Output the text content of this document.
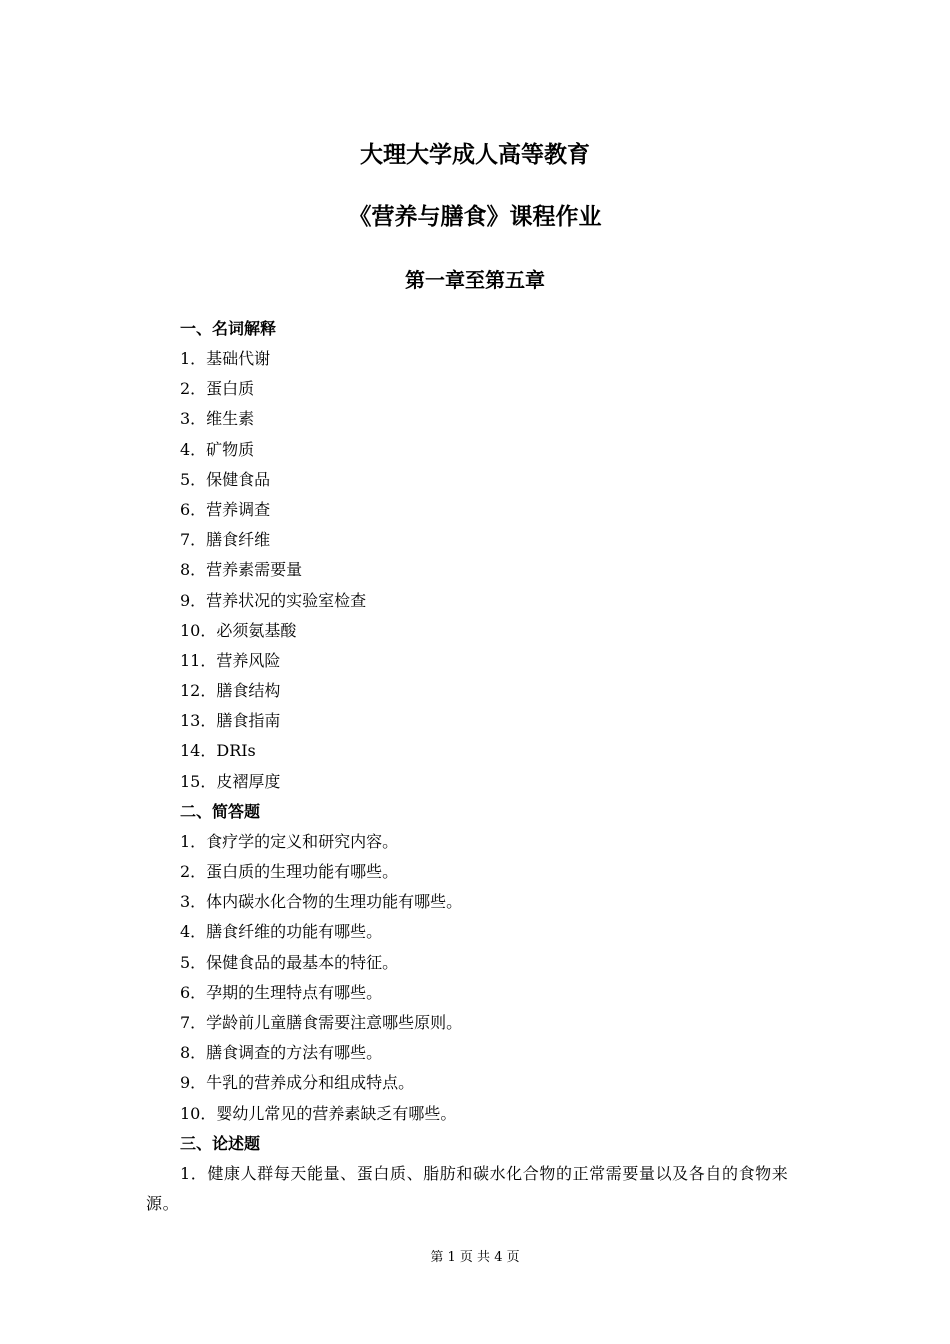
大理大学成人高等教育
《营养与膳食》课程作业
第一章至第五章
一、名词解释
1．基础代谢
2．蛋白质
3．维生素
4．矿物质
5．保健食品
6．营养调查
7．膳食纤维
8．营养素需要量
9．营养状况的实验室检查
10．必须氨基酸
11．营养风险
12．膳食结构
13．膳食指南
14．DRIs
15．皮褶厚度
二、简答题
1．食疗学的定义和研究内容。
2．蛋白质的生理功能有哪些。
3．体内碳水化合物的生理功能有哪些。
4．膳食纤维的功能有哪些。
5．保健食品的最基本的特征。
6．孕期的生理特点有哪些。
7．学龄前儿童膳食需要注意哪些原则。
8．膳食调查的方法有哪些。
9．牛乳的营养成分和组成特点。
10．婴幼儿常见的营养素缺乏有哪些。
三、论述题
1．健康人群每天能量、蛋白质、脂肪和碳水化合物的正常需要量以及各自的食物来源。
第 1 页 共 4 页
